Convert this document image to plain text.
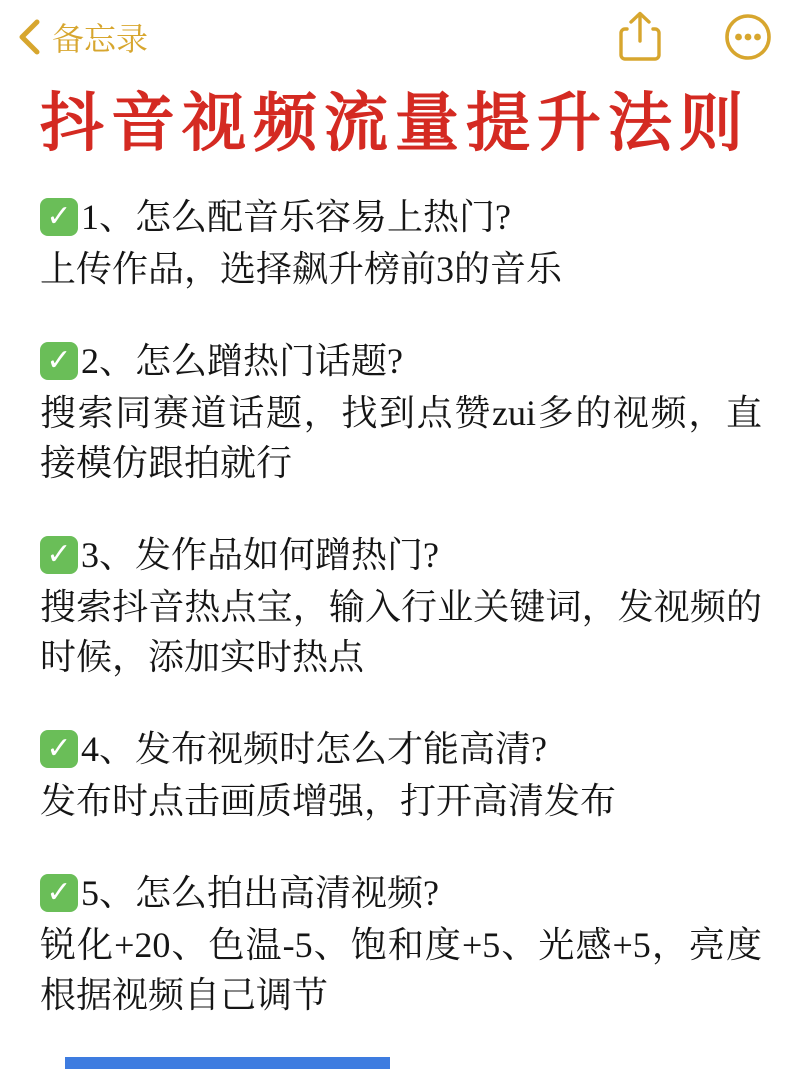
备忘录
抖音视频流量提升法则
✓ 1、 怎么配音乐容易上热门?
上传作品，选择飙升榜前3的音乐
✓ 2、 怎么蹭热门话题?
搜索同赛道话题，找到点赞zui多的视频，直接模仿跟拍就行
✓ 3、 发作品如何蹭热门?
搜索抖音热点宝，输入行业关键词，发视频的时候，添加实时热点
✓ 4、 发布视频时怎么才能高清?
发布时点击画质增强，打开高清发布
✓ 5、 怎么拍出高清视频?
锐化+20、色温-5、饱和度+5、光感+5，亮度根据视频自己调节
